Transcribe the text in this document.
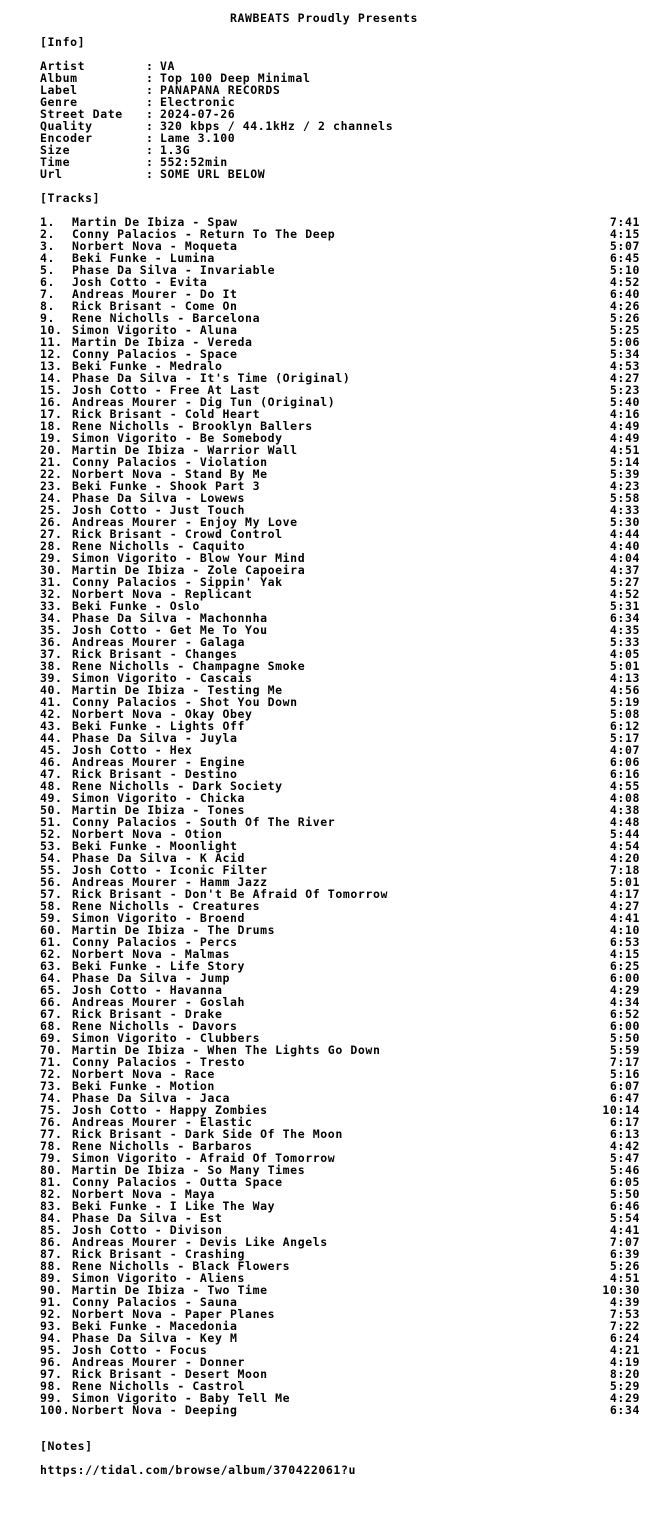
RAWBEATS Proudly Presents
[Info]
Artist	: VA
Album	: Top 100 Deep Minimal
Label	: PANAPANA RECORDS
Genre	: Electronic
Street Date	: 2024-07-26
Quality	: 320 kbps / 44.1kHz / 2 channels
Encoder	: Lame 3.100
Size	: 1.3G
Time	: 552:52min
Url	: SOME URL BELOW
[Tracks]
1.	Martin De Ibiza - Spaw	7:41
2.	Conny Palacios - Return To The Deep	4:15
3.	Norbert Nova - Moqueta	5:07
4.	Beki Funke - Lumina	6:45
5.	Phase Da Silva - Invariable	5:10
6.	Josh Cotto - Evita	4:52
7.	Andreas Mourer - Do It	6:40
8.	Rick Brisant - Come On	4:26
9.	Rene Nicholls - Barcelona	5:26
10. Simon Vigorito - Aluna	5:25
11. Martin De Ibiza - Vereda	5:06
12. Conny Palacios - Space	5:34
13. Beki Funke - Medralo	4:53
14. Phase Da Silva - It's Time (Original)	4:27
15. Josh Cotto - Free At Last	5:23
16. Andreas Mourer - Dig Tun (Original)	5:40
17. Rick Brisant - Cold Heart	4:16
18. Rene Nicholls - Brooklyn Ballers	4:49
19. Simon Vigorito - Be Somebody	4:49
20. Martin De Ibiza - Warrior Wall	4:51
21. Conny Palacios - Violation	5:14
22. Norbert Nova - Stand By Me	5:39
23. Beki Funke - Shook Part 3	4:23
24. Phase Da Silva - Lowews	5:58
25. Josh Cotto - Just Touch	4:33
26. Andreas Mourer - Enjoy My Love	5:30
27. Rick Brisant - Crowd Control	4:44
28. Rene Nicholls - Caquito	4:40
29. Simon Vigorito - Blow Your Mind	4:04
30. Martin De Ibiza - Zole Capoeira	4:37
31. Conny Palacios - Sippin' Yak	5:27
32. Norbert Nova - Replicant	4:52
33. Beki Funke - Oslo	5:31
34. Phase Da Silva - Machonnha	6:34
35. Josh Cotto - Get Me To You	4:35
36. Andreas Mourer - Galaga	5:33
37. Rick Brisant - Changes	4:05
38. Rene Nicholls - Champagne Smoke	5:01
39. Simon Vigorito - Cascais	4:13
40. Martin De Ibiza - Testing Me	4:56
41. Conny Palacios - Shot You Down	5:19
42. Norbert Nova - Okay Obey	5:08
43. Beki Funke - Lights Off	6:12
44. Phase Da Silva - Juyla	5:17
45. Josh Cotto - Hex	4:07
46. Andreas Mourer - Engine	6:06
47. Rick Brisant - Destino	6:16
48. Rene Nicholls - Dark Society	4:55
49. Simon Vigorito - Chicka	4:08
50. Martin De Ibiza - Tones	4:38
51. Conny Palacios - South Of The River	4:48
52. Norbert Nova - Otion	5:44
53. Beki Funke - Moonlight	4:54
54. Phase Da Silva - K Acid	4:20
55. Josh Cotto - Iconic Filter	7:18
56. Andreas Mourer - Hamm Jazz	5:01
57. Rick Brisant - Don't Be Afraid Of Tomorrow	4:17
58. Rene Nicholls - Creatures	4:27
59. Simon Vigorito - Broend	4:41
60. Martin De Ibiza - The Drums	4:10
61. Conny Palacios - Percs	6:53
62. Norbert Nova - Malmas	4:15
63. Beki Funke - Life Story	6:25
64. Phase Da Silva - Jump	6:00
65. Josh Cotto - Havanna	4:29
66. Andreas Mourer - Goslah	4:34
67. Rick Brisant - Drake	6:52
68. Rene Nicholls - Davors	6:00
69. Simon Vigorito - Clubbers	5:50
70. Martin De Ibiza - When The Lights Go Down	5:59
71. Conny Palacios - Tresto	7:17
72. Norbert Nova - Race	5:16
73. Beki Funke - Motion	6:07
74. Phase Da Silva - Jaca	6:47
75. Josh Cotto - Happy Zombies	10:14
76. Andreas Mourer - Elastic	6:17
77. Rick Brisant - Dark Side Of The Moon	6:13
78. Rene Nicholls - Barbaros	4:42
79. Simon Vigorito - Afraid Of Tomorrow	5:47
80. Martin De Ibiza - So Many Times	5:46
81. Conny Palacios - Outta Space	6:05
82. Norbert Nova - Maya	5:50
83. Beki Funke - I Like The Way	6:46
84. Phase Da Silva - Est	5:54
85. Josh Cotto - Divison	4:41
86. Andreas Mourer - Devis Like Angels	7:07
87. Rick Brisant - Crashing	6:39
88. Rene Nicholls - Black Flowers	5:26
89. Simon Vigorito - Aliens	4:51
90. Martin De Ibiza - Two Time	10:30
91. Conny Palacios - Sauna	4:39
92. Norbert Nova - Paper Planes	7:53
93. Beki Funke - Macedonia	7:22
94. Phase Da Silva - Key M	6:24
95. Josh Cotto - Focus	4:21
96. Andreas Mourer - Donner	4:19
97. Rick Brisant - Desert Moon	8:20
98. Rene Nicholls - Castrol	5:29
99. Simon Vigorito - Baby Tell Me	4:29
100. Norbert Nova - Deeping	6:34
[Notes]
https://tidal.com/browse/album/370422061?u
